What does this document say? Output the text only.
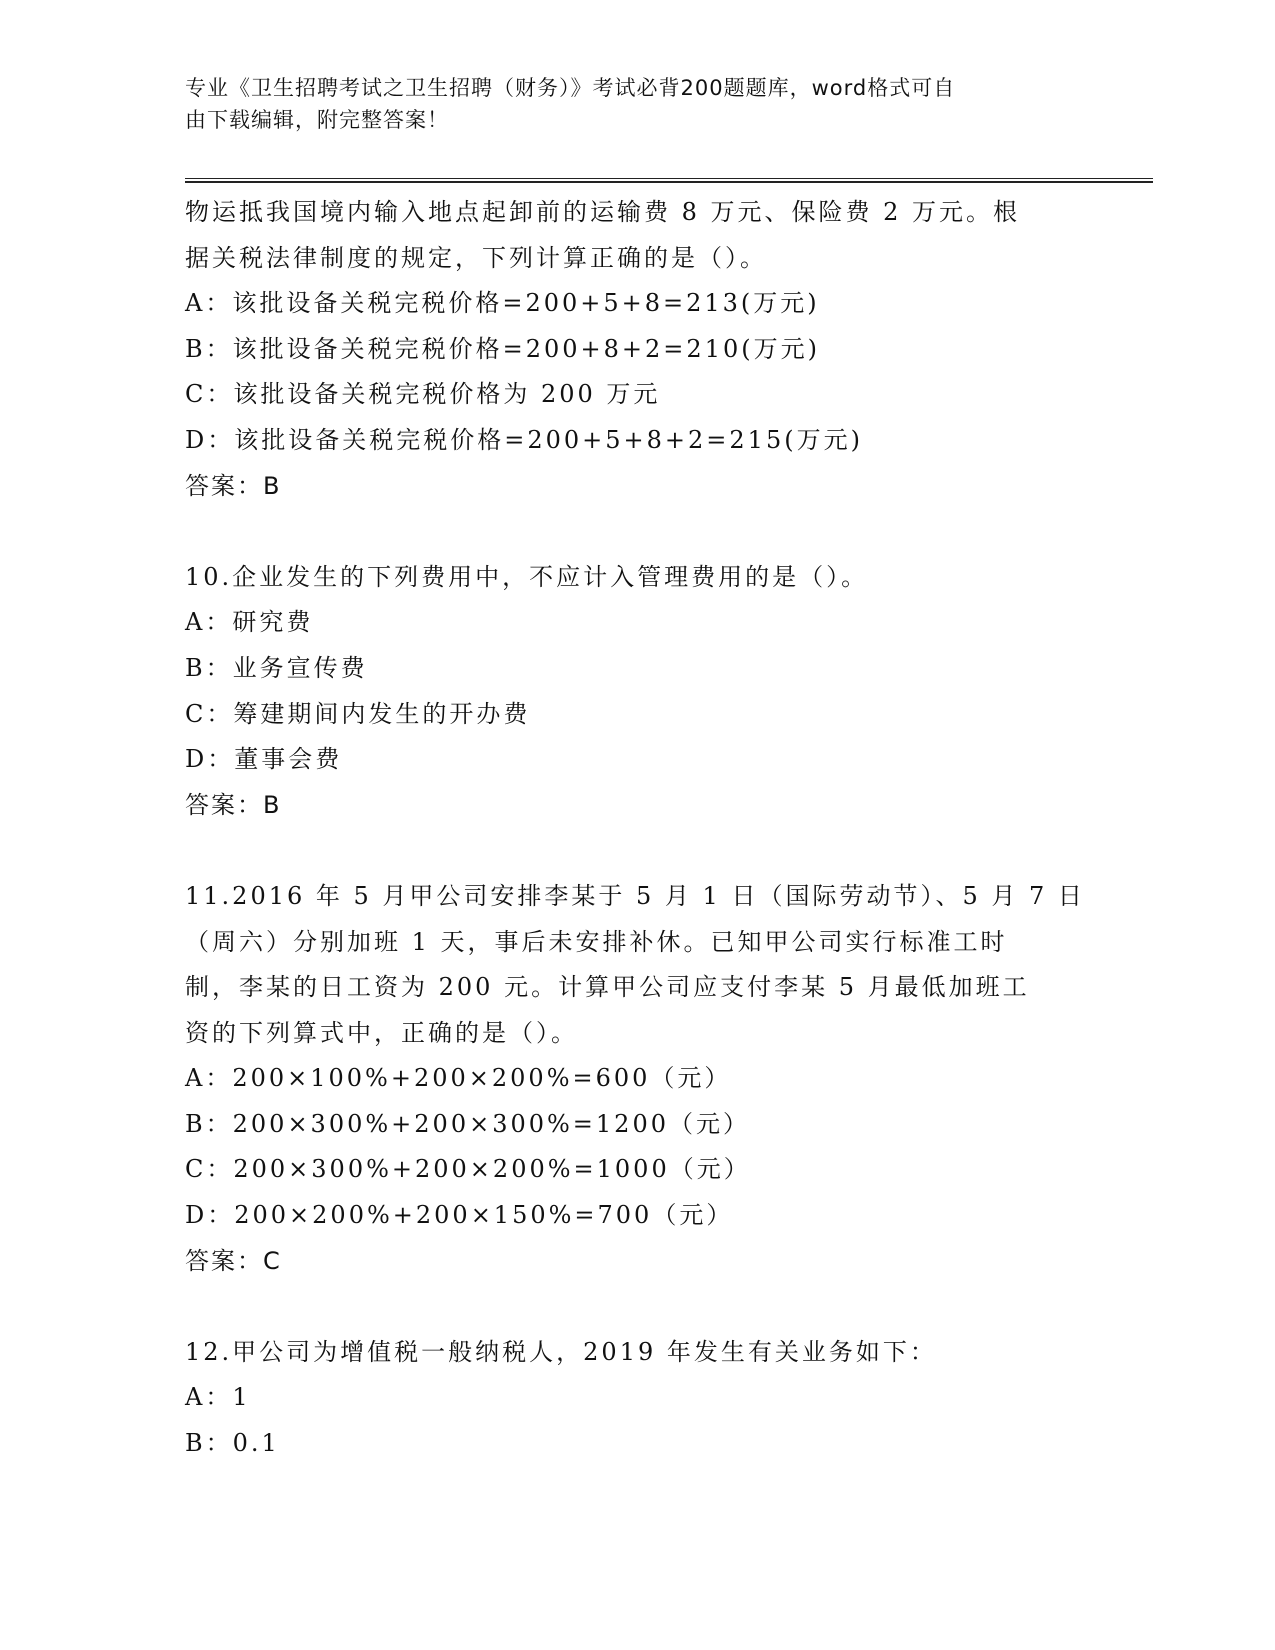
专业《卫生招聘考试之卫生招聘（财务）》考试必背200题题库，word格式可自
由下载编辑，附完整答案！
物运抵我国境内输入地点起卸前的运输费 8 万元、保险费 2 万元。根
据关税法律制度的规定，下列计算正确的是（）。
A：该批设备关税完税价格=200+5+8=213(万元)
B：该批设备关税完税价格=200+8+2=210(万元)
C：该批设备关税完税价格为 200 万元
D：该批设备关税完税价格=200+5+8+2=215(万元)
答案：B
10.企业发生的下列费用中，不应计入管理费用的是（）。
A：研究费
B：业务宣传费
C：筹建期间内发生的开办费
D：董事会费
答案：B
11.2016 年 5 月甲公司安排李某于 5 月 1 日（国际劳动节）、5 月 7 日
（周六）分别加班 1 天，事后未安排补休。已知甲公司实行标准工时
制，李某的日工资为 200 元。计算甲公司应支付李某 5 月最低加班工
资的下列算式中，正确的是（）。
A：200×100%+200×200%=600（元）
B：200×300%+200×300%=1200（元）
C：200×300%+200×200%=1000（元）
D：200×200%+200×150%=700（元）
答案：C
12.甲公司为增值税一般纳税人，2019 年发生有关业务如下：
A：1
B：0.1
